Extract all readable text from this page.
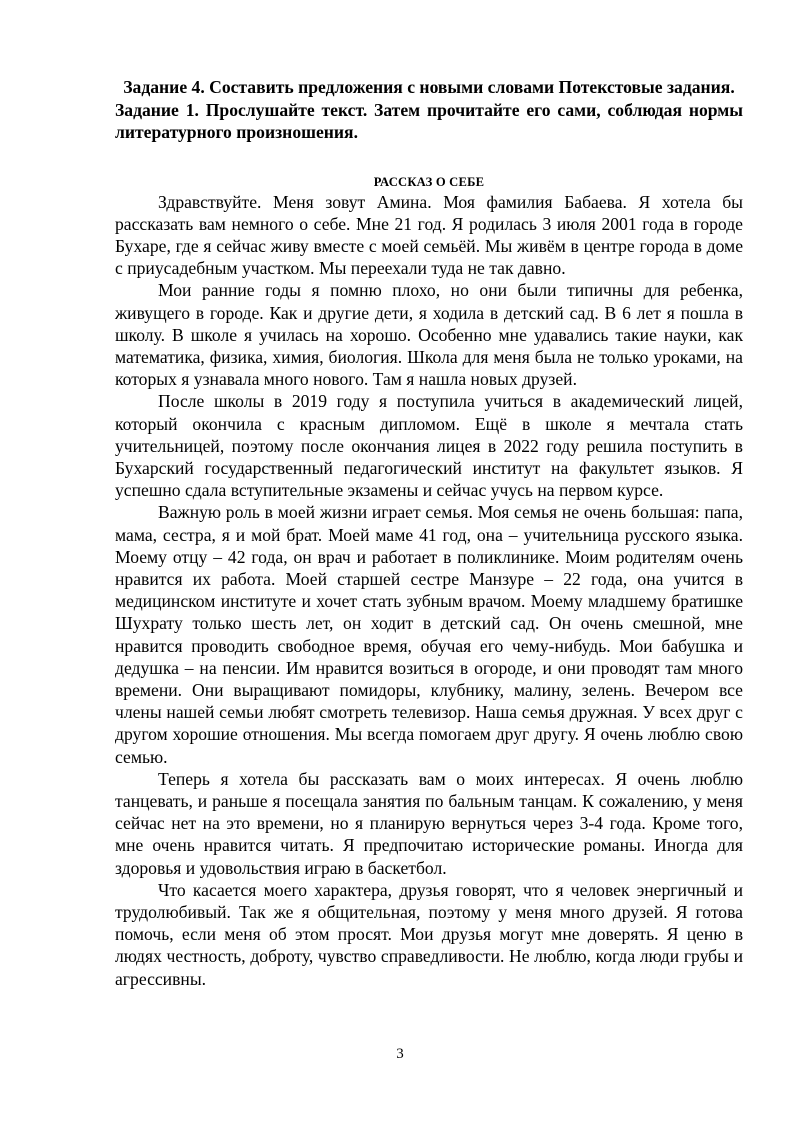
Задание 4. Составить предложения с новыми словами Потекстовые задания.

Задание 1. Прослушайте текст. Затем прочитайте его сами, соблюдая нормы литературного произношения.

РАССКАЗ О СЕБЕ

Здравствуйте. Меня зовут Амина. Моя фамилия Бабаева. Я хотела бы рассказать вам немного о себе. Мне 21 год. Я родилась 3 июля 2001 года в городе Бухаре, где я сейчас живу вместе с моей семьёй. Мы живём в центре города в доме с приусадебным участком. Мы переехали туда не так давно.

Мои ранние годы я помню плохо, но они были типичны для ребенка, живущего в городе. Как и другие дети, я ходила в детский сад. В 6 лет я пошла в школу. В школе я училась на хорошо. Особенно мне удавались такие науки, как математика, физика, химия, биология. Школа для меня была не только уроками, на которых я узнавала много нового. Там я нашла новых друзей.

После школы в 2019 году я поступила учиться в академический лицей, который окончила с красным дипломом. Ещё в школе я мечтала стать учительницей, поэтому после окончания лицея в 2022 году решила поступить в Бухарский государственный педагогический институт на факультет языков. Я успешно сдала вступительные экзамены и сейчас учусь на первом курсе.

Важную роль в моей жизни играет семья. Моя семья не очень большая: папа, мама, сестра, я и мой брат. Моей маме 41 год, она – учительница русского языка. Моему отцу – 42 года, он врач и работает в поликлинике. Моим родителям очень нравится их работа. Моей старшей сестре Манзуре – 22 года, она учится в медицинском институте и хочет стать зубным врачом. Моему младшему братишке Шухрату только шесть лет, он ходит в детский сад. Он очень смешной, мне нравится проводить свободное время, обучая его чему-нибудь. Мои бабушка и дедушка – на пенсии. Им нравится возиться в огороде, и они проводят там много времени. Они выращивают помидоры, клубнику, малину, зелень. Вечером все члены нашей семьи любят смотреть телевизор. Наша семья дружная. У всех друг с другом хорошие отношения. Мы всегда помогаем друг другу. Я очень люблю свою семью.

Теперь я хотела бы рассказать вам о моих интересах. Я очень люблю танцевать, и раньше я посещала занятия по бальным танцам. К сожалению, у меня сейчас нет на это времени, но я планирую вернуться через 3-4 года. Кроме того, мне очень нравится читать. Я предпочитаю исторические романы. Иногда для здоровья и удовольствия играю в баскетбол.

Что касается моего характера, друзья говорят, что я человек энергичный и трудолюбивый. Так же я общительная, поэтому у меня много друзей. Я готова помочь, если меня об этом просят. Мои друзья могут мне доверять. Я ценю в людях честность, доброту, чувство справедливости. Не люблю, когда люди грубы и агрессивны.

3
